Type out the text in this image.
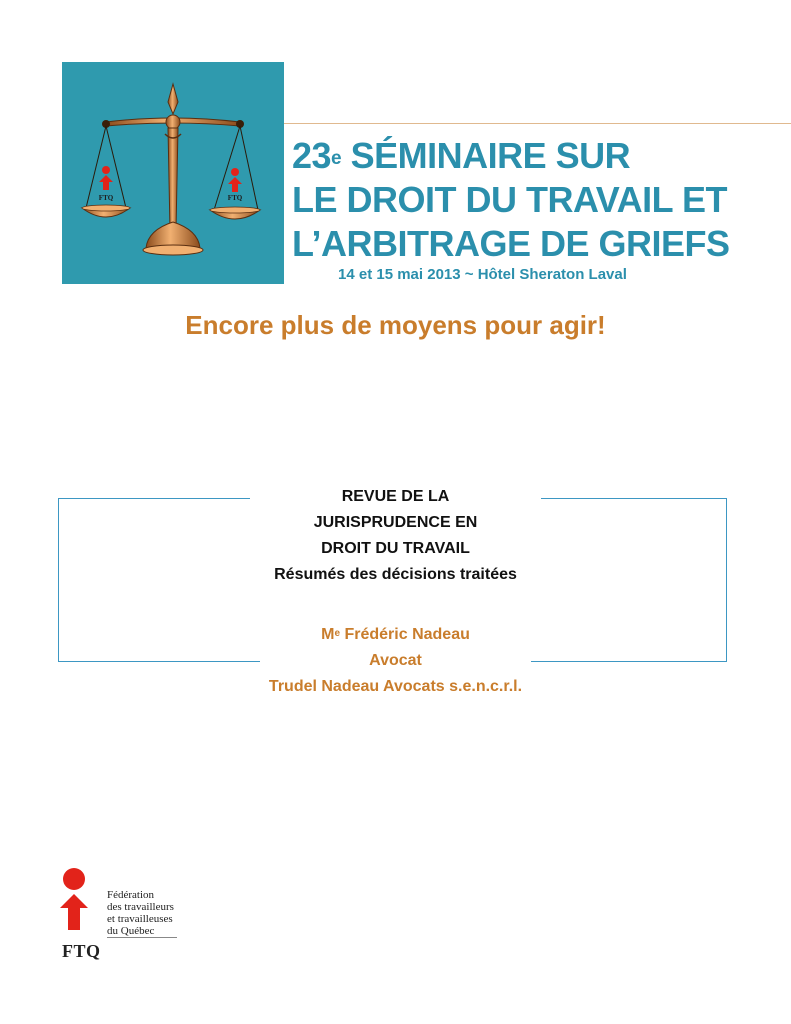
FTQ	FTQ
23e SÉMINAIRE SUR
LE DROIT DU TRAVAIL ET
L’ARBITRAGE DE GRIEFS
14 et 15 mai 2013 ~ Hôtel Sheraton Laval
Encore plus de moyens pour agir!
REVUE DE LA
JURISPRUDENCE EN
DROIT DU TRAVAIL
Résumés des décisions traitées
Me Frédéric Nadeau
Avocat
Trudel Nadeau Avocats s.e.n.c.r.l.
Fédération
des travailleurs
et travailleuses
du Québec
FTQ
